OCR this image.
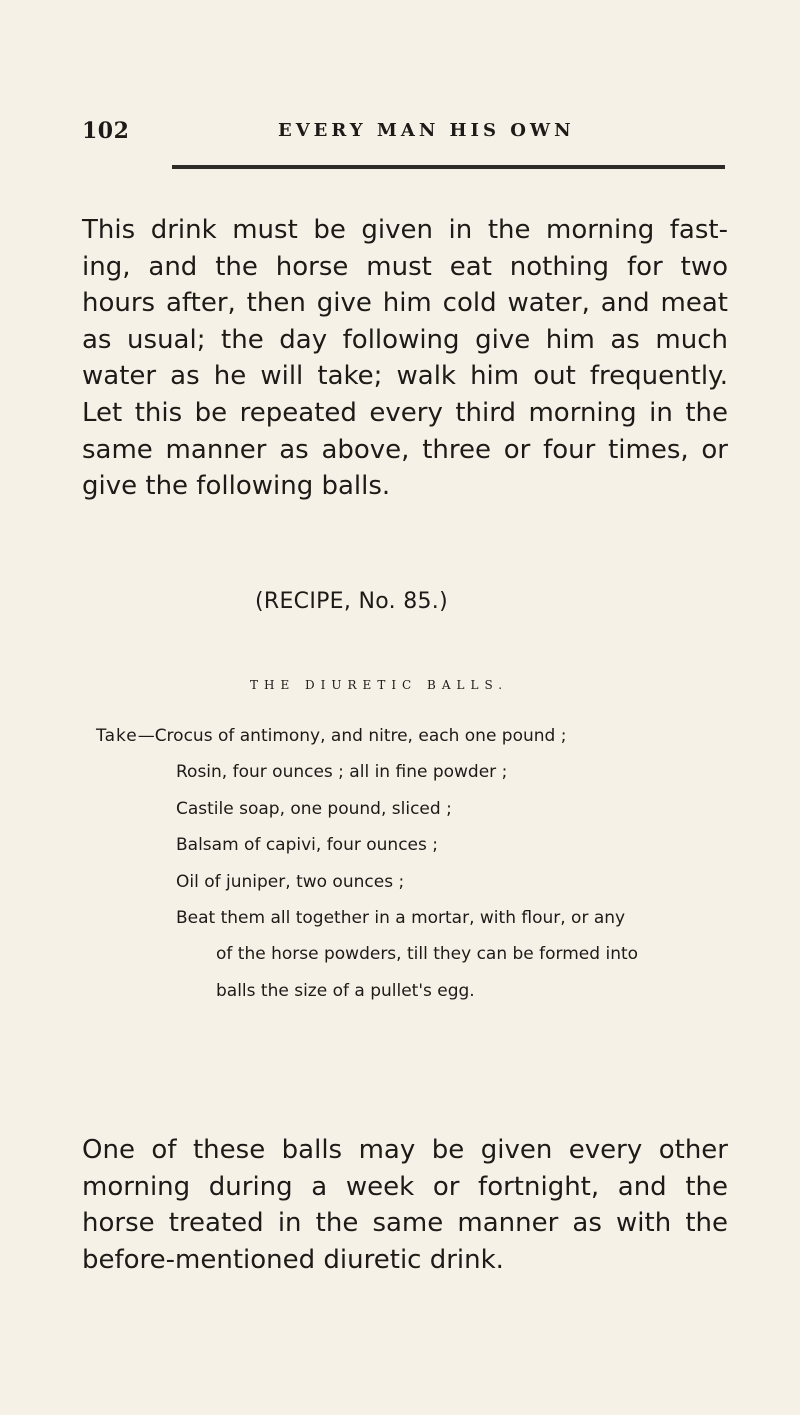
102	EVERY MAN HIS OWN
This drink must be given in the morning fast-
ing, and the horse must eat nothing for two
hours after, then give him cold water, and meat
as usual; the day following give him as much
water as he will take; walk him out frequently.
Let this be repeated every third morning in the
same manner as above, three or four times, or
give the following balls.
(RECIPE, No. 85.)
THE DIURETIC BALLS.
Take—Crocus of antimony, and nitre, each one pound ;
Rosin, four ounces ; all in fine powder ;
Castile soap, one pound, sliced ;
Balsam of capivi, four ounces ;
Oil of juniper, two ounces ;
Beat them all together in a mortar, with flour, or any
of the horse powders, till they can be formed into
balls the size of a pullet's egg.
One of these balls may be given every other
morning during a week or fortnight, and the
horse treated in the same manner as with the
before-mentioned diuretic drink.
